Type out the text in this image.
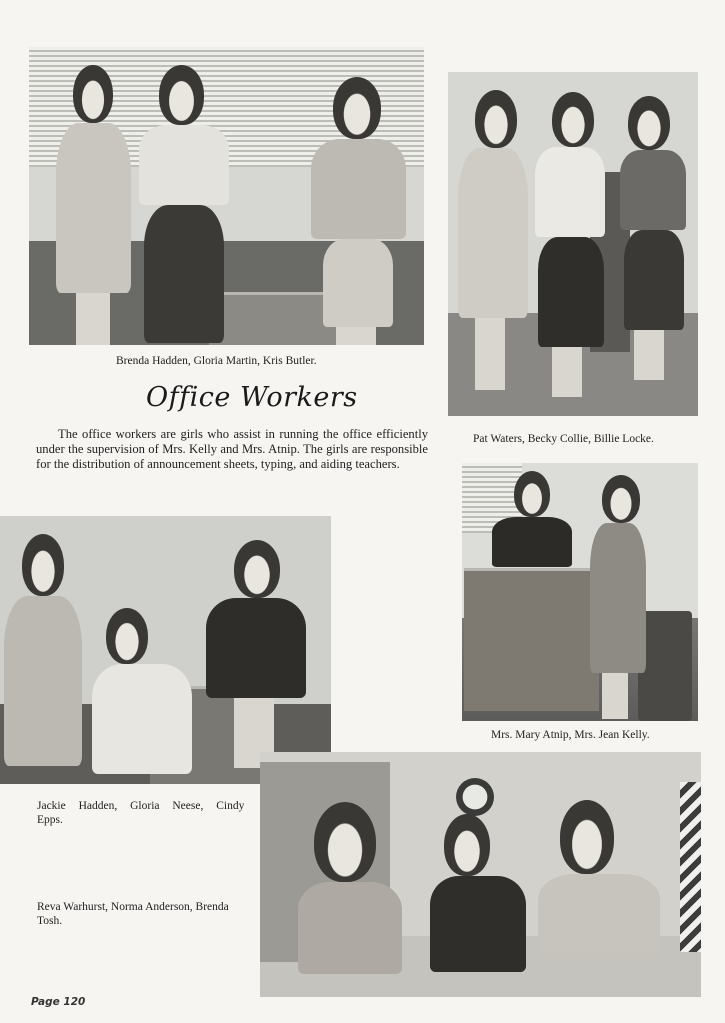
Brenda Hadden, Gloria Martin, Kris Butler.
Pat Waters, Becky Collie, Billie Locke.
Office Workers
The office workers are girls who assist in running the office efficiently under the supervision of Mrs. Kelly and Mrs. Atnip. The girls are responsible for the distribution of announcement sheets, typing, and aiding teachers.
Mrs. Mary Atnip, Mrs. Jean Kelly.
Jackie Hadden, Gloria Neese, Cindy Epps.
Reva Warhurst, Norma Anderson, Brenda Tosh.
Page 120
